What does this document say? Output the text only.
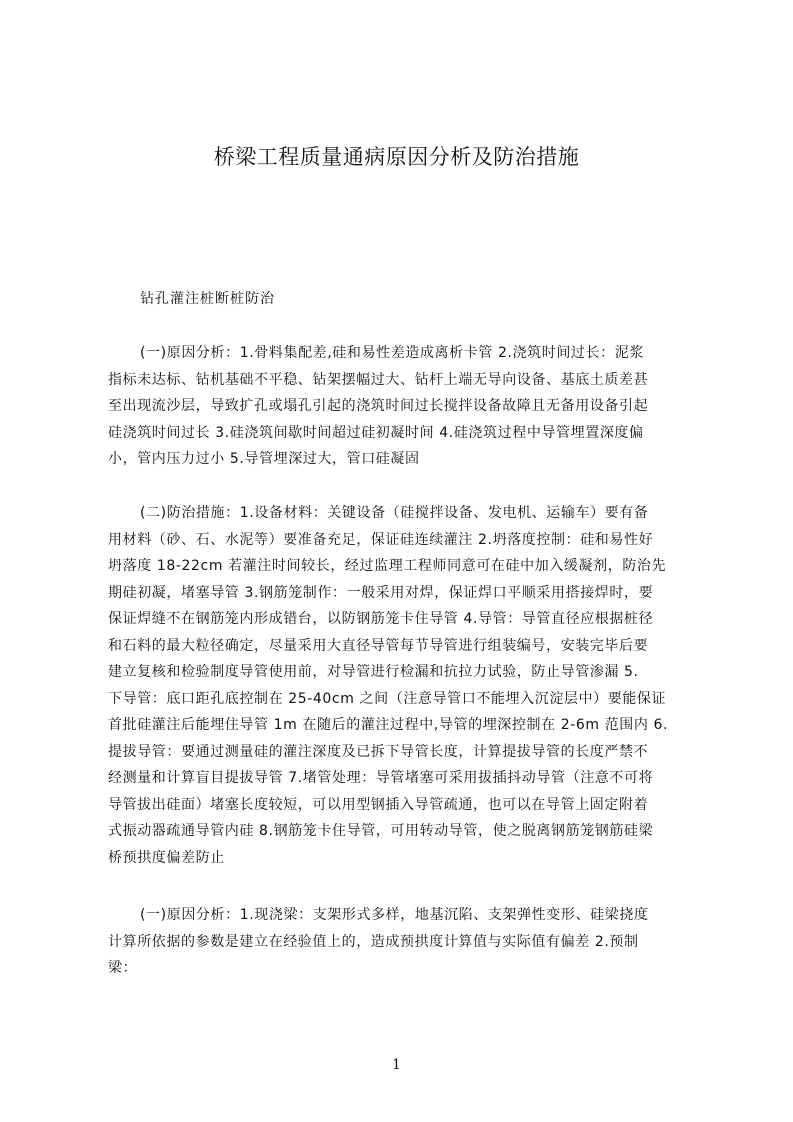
桥梁工程质量通病原因分析及防治措施
钻孔灌注桩断桩防治
(一)原因分析：1.骨料集配差,硅和易性差造成离析卡管 2.浇筑时间过长：泥浆
指标未达标、钻机基础不平稳、钻架摆幅过大、钻杆上端无导向设备、基底土质差甚
至出现流沙层，导致扩孔或塌孔引起的浇筑时间过长搅拌设备故障且无备用设备引起
硅浇筑时间过长 3.硅浇筑间歇时间超过硅初凝时间 4.硅浇筑过程中导管埋置深度偏
小，管内压力过小 5.导管埋深过大，管口硅凝固
(二)防治措施：1.设备材料：关键设备（硅搅拌设备、发电机、运输车）要有备
用材料（砂、石、水泥等）要准备充足，保证硅连续灌注 2.坍落度控制：硅和易性好
坍落度 18-22cm 若灌注时间较长，经过监理工程师同意可在硅中加入缓凝剂，防治先
期硅初凝，堵塞导管 3.钢筋笼制作：一般采用对焊，保证焊口平顺采用搭接焊时，要
保证焊缝不在钢筋笼内形成错台，以防钢筋笼卡住导管 4.导管：导管直径应根据桩径
和石料的最大粒径确定，尽量采用大直径导管每节导管进行组装编号，安装完毕后要
建立复核和检验制度导管使用前，对导管进行检漏和抗拉力试验，防止导管渗漏 5.
下导管：底口距孔底控制在 25-40cm 之间（注意导管口不能埋入沉淀层中）要能保证
首批硅灌注后能埋住导管 1m 在随后的灌注过程中,导管的埋深控制在 2-6m 范围内 6.
提拔导管：要通过测量硅的灌注深度及已拆下导管长度，计算提拔导管的长度严禁不
经测量和计算盲目提拔导管 7.堵管处理：导管堵塞可采用拔插抖动导管（注意不可将
导管拔出硅面）堵塞长度较短，可以用型钢插入导管疏通，也可以在导管上固定附着
式振动器疏通导管内硅 8.钢筋笼卡住导管，可用转动导管，使之脱离钢筋笼钢筋硅梁
桥预拱度偏差防止
(一)原因分析：1.现浇梁：支架形式多样，地基沉陷、支架弹性变形、硅梁挠度
计算所依据的参数是建立在经验值上的，造成预拱度计算值与实际值有偏差 2.预制
梁：
1
